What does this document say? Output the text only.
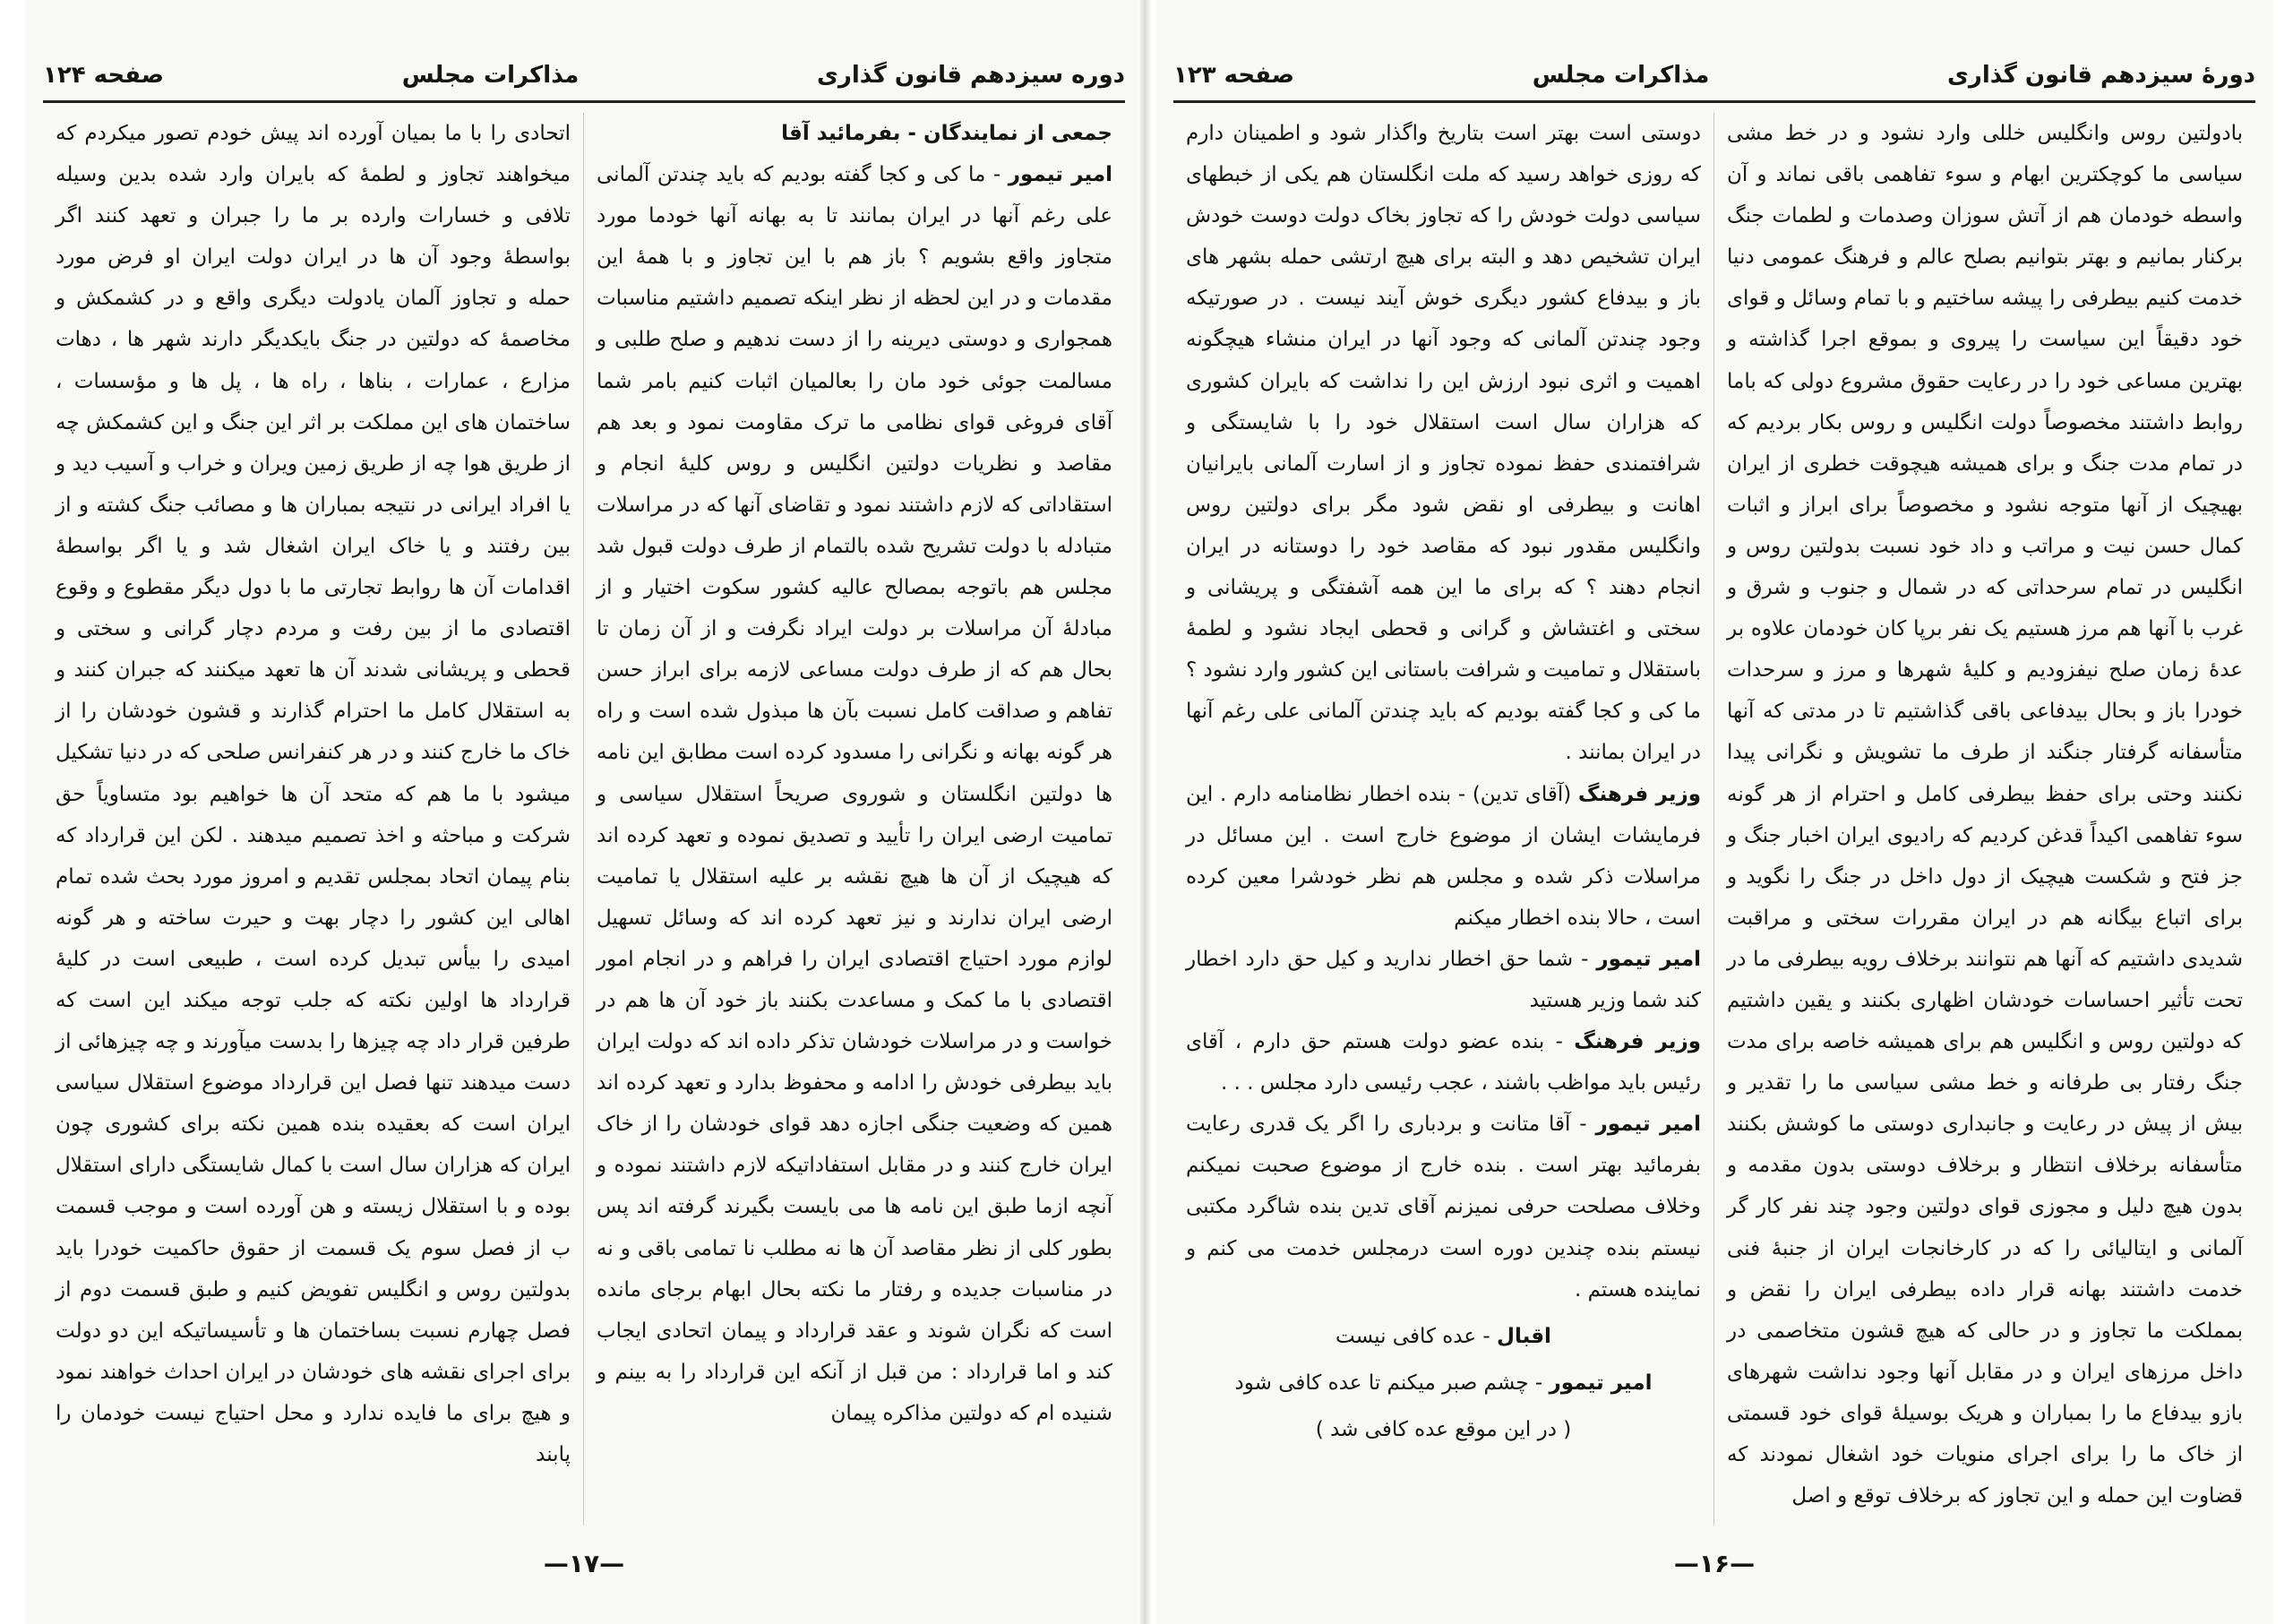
دوره سیزدهم قانون گذاری
مذاکرات مجلس
صفحه ۱۲۴

جمعی از نمایندگان - بفرمائید آقا

امیر تیمور - ما کی و کجا گفته بودیم که باید چندتن آلمانی علی رغم آنها در ایران بمانند تا به بهانه آنها خودما مورد متجاوز واقع بشویم ؟ باز هم با این تجاوز و با همهٔ این مقدمات و در این لحظه از نظر اینکه تصمیم داشتیم مناسبات همجواری و دوستی دیرینه را از دست ندهیم و صلح طلبی و مسالمت جوئی خود مان را بعالمیان اثبات کنیم بامر شما آقای فروغی قوای نظامی ما ترک مقاومت نمود و بعد هم مقاصد و نظریات دولتین انگلیس و روس کلیهٔ انجام و استقاداتی که لازم داشتند نمود و تقاضای آنها که در مراسلات متبادله با دولت تشریح شده بالتمام از طرف دولت قبول شد مجلس هم باتوجه بمصالح عالیه کشور سکوت اختیار و از مبادلهٔ آن مراسلات بر دولت ایراد نگرفت و از آن زمان تا بحال هم که از طرف دولت مساعی لازمه برای ابراز حسن تفاهم و صداقت کامل نسبت بآن ها مبذول شده است و راه هر گونه بهانه و نگرانی را مسدود کرده است مطابق این نامه ها دولتین انگلستان و شوروی صریحاً استقلال سیاسی و تمامیت ارضی ایران را تأیید و تصدیق نموده و تعهد کرده اند که هیچیک از آن ها هیچ نقشه بر علیه استقلال یا تمامیت ارضی ایران ندارند و نیز تعهد کرده اند که وسائل تسهیل لوازم مورد احتیاج اقتصادی ایران را فراهم و در انجام امور اقتصادی با ما کمک و مساعدت بکنند باز خود آن ها هم در خواست و در مراسلات خودشان تذکر داده اند که دولت ایران باید بیطرفی خودش را ادامه و محفوظ بدارد و تعهد کرده اند همین که وضعیت جنگی اجازه دهد قوای خودشان را از خاک ایران خارج کنند و در مقابل استفاداتیکه لازم داشتند نموده و آنچه ازما طبق این نامه ها می بایست بگیرند گرفته اند پس بطور کلی از نظر مقاصد آن ها نه مطلب نا تمامی باقی و نه در مناسبات جدیده و رفتار ما نکته بحال ابهام برجای مانده است که نگران شوند و عقد قرارداد و پیمان اتحادی ایجاب کند و اما قرارداد : من قبل از آنکه این قرارداد را به بینم و شنیده ام که دولتین مذاکره پیمان

اتحادی را با ما بمیان آورده اند پیش خودم تصور میکردم که میخواهند تجاوز و لطمهٔ که بایران وارد شده بدین وسیله تلافی و خسارات وارده بر ما را جبران و تعهد کنند اگر بواسطهٔ وجود آن ها در ایران دولت ایران او فرض مورد حمله و تجاوز آلمان یادولت دیگری واقع و در کشمکش و مخاصمهٔ که دولتین در جنگ بایکدیگر دارند شهر ها ، دهات مزارع ، عمارات ، بناها ، راه ها ، پل ها و مؤسسات ، ساختمان های این مملکت بر اثر این جنگ و این کشمکش چه از طریق هوا چه از طریق زمین ویران و خراب و آسیب دید و یا افراد ایرانی در نتیجه بمباران ها و مصائب جنگ کشته و از بین رفتند و یا خاک ایران اشغال شد و یا اگر بواسطهٔ اقدامات آن ها روابط تجارتی ما با دول دیگر مقطوع و وقوع اقتصادی ما از بین رفت و مردم دچار گرانی و سختی و قحطی و پریشانی شدند آن ها تعهد میکنند که جبران کنند و به استقلال کامل ما احترام گذارند و قشون خودشان را از خاک ما خارج کنند و در هر کنفرانس صلحی که در دنیا تشکیل میشود با ما هم که متحد آن ها خواهیم بود متساویاً حق شرکت و مباحثه و اخذ تصمیم میدهند . لکن این قرارداد که بنام پیمان اتحاد بمجلس تقدیم و امروز مورد بحث شده تمام اهالی این کشور را دچار بهت و حیرت ساخته و هر گونه امیدی را بیأس تبدیل کرده است ، طبیعی است در کلیهٔ قرارداد ها اولین نکته که جلب توجه میکند این است که طرفین قرار داد چه چیزها را بدست میآورند و چه چیزهائی از دست میدهند تنها فصل این قرارداد موضوع استقلال سیاسی ایران است که بعقیده بنده همین نکته برای کشوری چون ایران که هزاران سال است با کمال شایستگی دارای استقلال بوده و با استقلال زیسته و هن آورده است و موجب قسمت ب از فصل سوم یک قسمت از حقوق حاکمیت خودرا باید بدولتین روس و انگلیس تفویض کنیم و طبق قسمت دوم از فصل چهارم نسبت بساختمان ها و تأسیساتیکه این دو دولت برای اجرای نقشه های خودشان در ایران احداث خواهند نمود و هیچ برای ما فایده ندارد و محل احتیاج نیست خودمان را پابند

—۱۷—
دورهٔ سیزدهم قانون گذاری
مذاکرات مجلس
صفحه ۱۲۳

بادولتین روس وانگلیس خللی وارد نشود و در خط مشی سیاسی ما کوچکترین ابهام و سوء تفاهمی باقی نماند و آن واسطه خودمان هم از آتش سوزان وصدمات و لطمات جنگ برکنار بمانیم و بهتر بتوانیم بصلح عالم و فرهنگ عمومی دنیا خدمت کنیم بیطرفی را پیشه ساختیم و با تمام وسائل و قوای خود دقیقاً این سیاست را پیروی و بموقع اجرا گذاشته و بهترین مساعی خود را در رعایت حقوق مشروع دولی که باما روابط داشتند مخصوصاً دولت انگلیس و روس بکار بردیم که در تمام مدت جنگ و برای همیشه هیچوقت خطری از ایران بهیچیک از آنها متوجه نشود و مخصوصاً برای ابراز و اثبات کمال حسن نیت و مراتب و داد خود نسبت بدولتین روس و انگلیس در تمام سرحداتی که در شمال و جنوب و شرق و غرب با آنها هم مرز هستیم یک نفر برپا کان خودمان علاوه بر عدهٔ زمان صلح نیفزودیم و کلیهٔ شهرها و مرز و سرحدات خودرا باز و بحال بیدفاعی باقی گذاشتیم تا در مدتی که آنها متأسفانه گرفتار جنگند از طرف ما تشویش و نگرانی پیدا نکنند وحتی برای حفظ بیطرفی کامل و احترام از هر گونه سوء تفاهمی اکیداً قدغن کردیم که رادیوی ایران اخبار جنگ و جز فتح و شکست هیچیک از دول داخل در جنگ را نگوید و برای اتباع بیگانه هم در ایران مقررات سختی و مراقبت شدیدی داشتیم که آنها هم نتوانند برخلاف رویه بیطرفی ما در تحت تأثیر احساسات خودشان اظهاری بکنند و یقین داشتیم که دولتین روس و انگلیس هم برای همیشه خاصه برای مدت جنگ رفتار بی طرفانه و خط مشی سیاسی ما را تقدیر و بیش از پیش در رعایت و جانبداری دوستی ما کوشش بکنند متأسفانه برخلاف انتظار و برخلاف دوستی بدون مقدمه و بدون هیچ دلیل و مجوزی قوای دولتین وجود چند نفر کار گر آلمانی و ایتالیائی را که در کارخانجات ایران از جنبهٔ فنی خدمت داشتند بهانه قرار داده بیطرفی ایران را نقض و بمملکت ما تجاوز و در حالی که هیچ قشون متخاصمی در داخل مرزهای ایران و در مقابل آنها وجود نداشت شهرهای بازو بیدفاع ما را بمباران و هریک بوسیلهٔ قوای خود قسمتی از خاک ما را برای اجرای منویات خود اشغال نمودند که قضاوت این حمله و این تجاوز که برخلاف توقع و اصل

دوستی است بهتر است بتاریخ واگذار شود و اطمینان دارم که روزی خواهد رسید که ملت انگلستان هم یکی از خبطهای سیاسی دولت خودش را که تجاوز بخاک دولت دوست خودش ایران تشخیص دهد و البته برای هیچ ارتشی حمله بشهر های باز و بیدفاع کشور دیگری خوش آیند نیست . در صورتیکه وجود چندتن آلمانی که وجود آنها در ایران منشاء هیچگونه اهمیت و اثری نبود ارزش این را نداشت که بایران کشوری که هزاران سال است استقلال خود را با شایستگی و شرافتمندی حفظ نموده تجاوز و از اسارت آلمانی بایرانیان اهانت و بیطرفی او نقض شود مگر برای دولتین روس وانگلیس مقدور نبود که مقاصد خود را دوستانه در ایران انجام دهند ؟ که برای ما این همه آشفتگی و پریشانی و سختی و اغتشاش و گرانی و قحطی ایجاد نشود و لطمهٔ باستقلال و تمامیت و شرافت باستانی این کشور وارد نشود ؟ ما کی و کجا گفته بودیم که باید چندتن آلمانی علی رغم آنها در ایران بمانند .

وزیر فرهنگ (آقای تدین) - بنده اخطار نظامنامه دارم . این فرمایشات ایشان از موضوع خارج است . این مسائل در مراسلات ذکر شده و مجلس هم نظر خودشرا معین کرده است ، حالا بنده اخطار میکنم

امیر تیمور - شما حق اخطار ندارید و کیل حق دارد اخطار کند شما وزیر هستید

وزیر فرهنگ - بنده عضو دولت هستم حق دارم ، آقای رئیس باید مواظب باشند ، عجب رئیسی دارد مجلس . . .

امیر تیمور - آقا متانت و بردباری را اگر یک قدری رعایت بفرمائید بهتر است . بنده خارج از موضوع صحبت نمیکنم وخلاف مصلحت حرفی نمیزنم آقای تدین بنده شاگرد مکتبی نیستم بنده چندین دوره است درمجلس خدمت می کنم و نماینده هستم .

اقبال - عده کافی نیست

امیر تیمور - چشم صبر میکنم تا عده کافی شود

( در این موقع عده کافی شد )

—۱۶—
